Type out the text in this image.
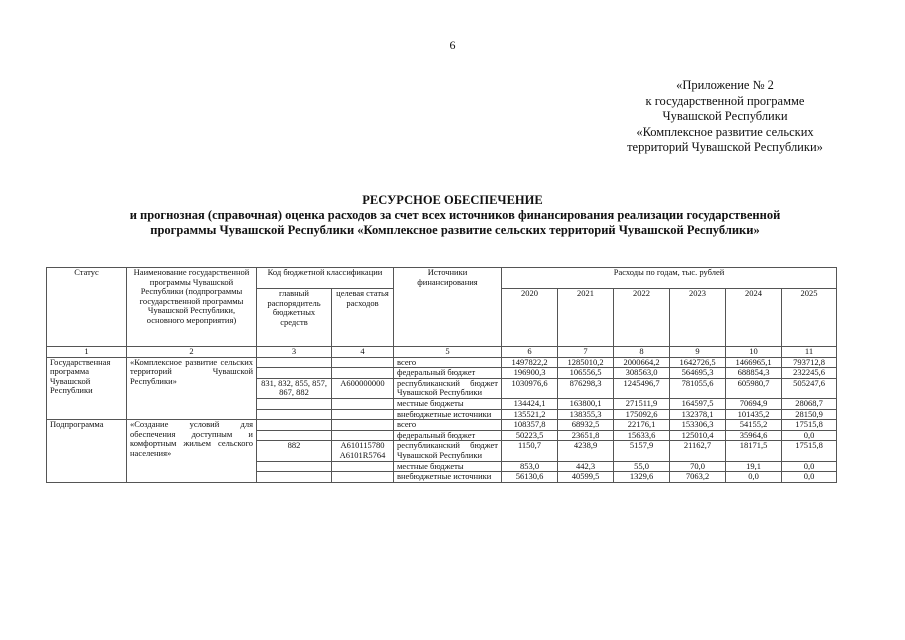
6
«Приложение № 2
к государственной программе
Чувашской Республики
«Комплексное развитие сельских
территорий Чувашской Республики»
РЕСУРСНОЕ ОБЕСПЕЧЕНИЕ
и прогнозная (справочная) оценка расходов за счет всех источников финансирования реализации государственной
программы Чувашской Республики «Комплексное развитие сельских территорий Чувашской Республики»
Статус	Наименование государственной программы Чувашской Республики (подпрограммы государственной программы Чувашской Республики, основного мероприятия)	Код бюджетной классификации		Источники финансирования	Расходы по годам, тыс. рублей					
		главный распорядитель бюджетных средств	целевая статья расходов		2020	2021	2022	2023	2024	2025
1	2	3	4	5	6	7	8	9	10	11
Государственная программа Чувашской Республики	«Комплексное развитие сельских территорий Чувашской Республики»			всего	1497822,2	1285010,2	2000664,2	1642726,5	1466965,1	793712,8
				федеральный бюджет	196900,3	106556,5	308563,0	564695,3	688854,3	232245,6
		831, 832, 855, 857, 867, 882	А600000000	республиканский бюджет Чувашской Республики	1030976,6	876298,3	1245496,7	781055,6	605980,7	505247,6
				местные бюджеты	134424,1	163800,1	271511,9	164597,5	70694,9	28068,7
				внебюджетные источники	135521,2	138355,3	175092,6	132378,1	101435,2	28150,9
Подпрограмма	«Создание условий для обеспечения доступным и комфортным жильем сельского населения»			всего	108357,8	68932,5	22176,1	153306,3	54155,2	17515,8
				федеральный бюджет	50223,5	23651,8	15633,6	125010,4	35964,6	0,0
		882	А610115780 А6101R5764	республиканский бюджет Чувашской Республики	1150,7	4238,9	5157,9	21162,7	18171,5	17515,8
				местные бюджеты	853,0	442,3	55,0	70,0	19,1	0,0
				внебюджетные источники	56130,6	40599,5	1329,6	7063,2	0,0	0,0
